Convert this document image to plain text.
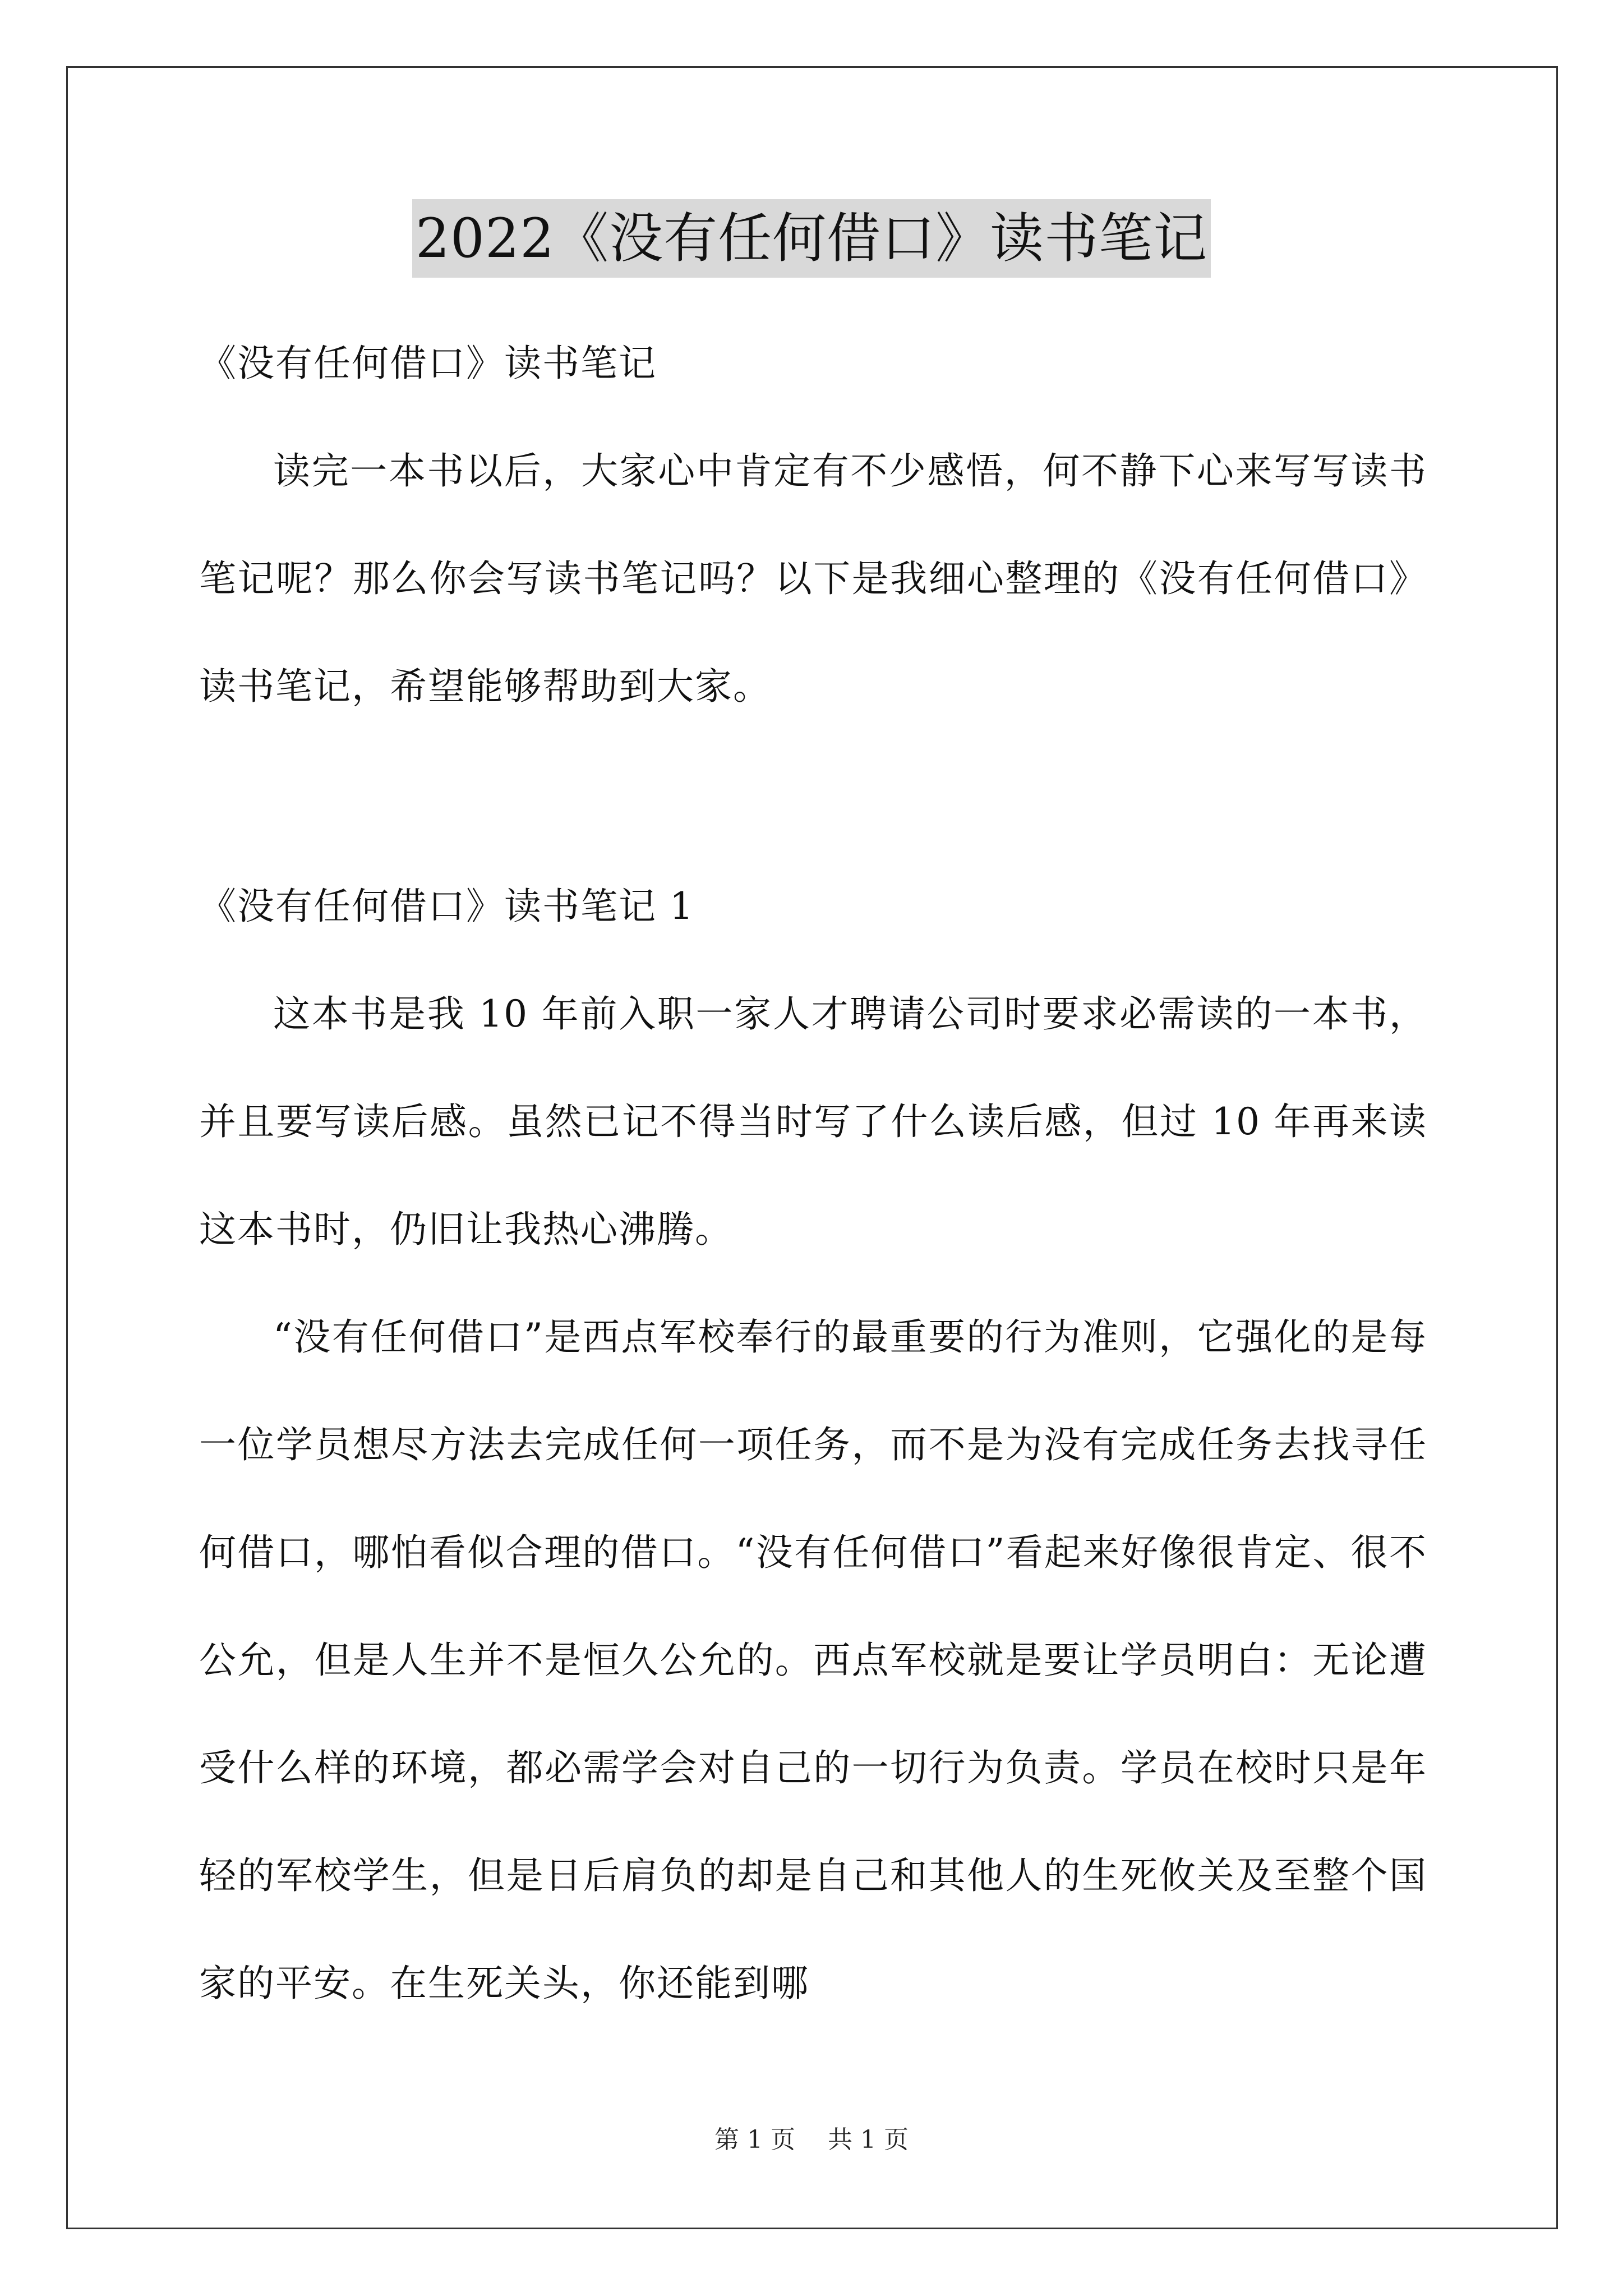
2022《没有任何借口》读书笔记

《没有任何借口》读书笔记

读完一本书以后，大家心中肯定有不少感悟，何不静下心来写写读书笔记呢？那么你会写读书笔记吗？以下是我细心整理的《没有任何借口》读书笔记，希望能够帮助到大家。

《没有任何借口》读书笔记 1

这本书是我 10 年前入职一家人才聘请公司时要求必需读的一本书，并且要写读后感。虽然已记不得当时写了什么读后感，但过 10 年再来读这本书时，仍旧让我热心沸腾。

“没有任何借口”是西点军校奉行的最重要的行为准则，它强化的是每一位学员想尽方法去完成任何一项任务，而不是为没有完成任务去找寻任何借口，哪怕看似合理的借口。“没有任何借口”看起来好像很肯定、很不公允，但是人生并不是恒久公允的。西点军校就是要让学员明白：无论遭受什么样的环境，都必需学会对自己的一切行为负责。学员在校时只是年轻的军校学生，但是日后肩负的却是自己和其他人的生死攸关及至整个国家的平安。在生死关头，你还能到哪

第 1 页 共 1 页
